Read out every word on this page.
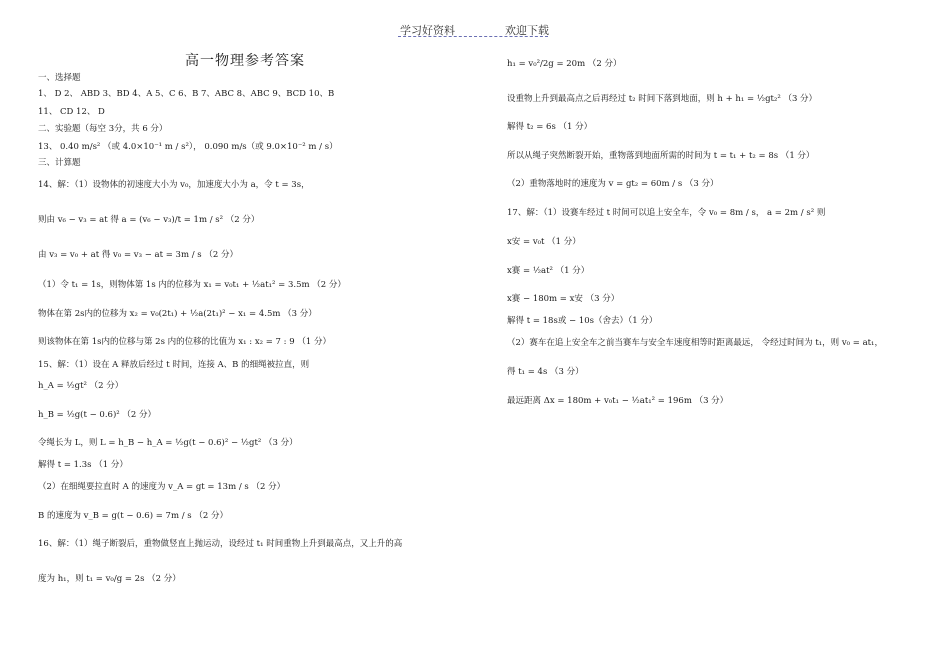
学习好资料	欢迎下载
高一物理参考答案
一、选择题
1、 D 2、 ABD 3、BD 4、A 5、C 6、B 7、ABC 8、ABC 9、BCD 10、B
11、 CD 12、 D
二、实验题（每空 3分，共 6 分）
13、 0.40 m/s² （或 4.0×10⁻¹ m / s²）， 0.090 m/s（或 9.0×10⁻² m / s）
三、计算题
14、解：（1）设物体的初速度大小为 v₀，加速度大小为 a，令 t = 3s，
则由 v₆ − v₃ = at 得 a = (v₆ − v₃)/t = 1m / s² （2 分）
由 v₃ = v₀ + at 得 v₀ = v₃ − at = 3m / s （2 分）
（1）令 t₁ = 1s，则物体第 1s 内的位移为 x₁ = v₀t₁ + ½at₁² = 3.5m （2 分）
物体在第 2s内的位移为 x₂ = v₀(2t₁) + ½a(2t₁)² − x₁ = 4.5m （3 分）
则该物体在第 1s内的位移与第 2s 内的位移的比值为 x₁ : x₂ = 7 : 9 （1 分）
15、解：（1）设在 A 释放后经过 t 时间，连接 A、B 的细绳被拉直，则
h_A = ½gt² （2 分）
h_B = ½g(t − 0.6)² （2 分）
令绳长为 L，则 L = h_B − h_A = ½g(t − 0.6)² − ½gt² （3 分）
解得 t = 1.3s （1 分）
（2）在细绳要拉直时 A 的速度为 v_A = gt = 13m / s （2 分）
B 的速度为 v_B = g(t − 0.6) = 7m / s （2 分）
16、解：（1）绳子断裂后，重物做竖直上抛运动，设经过 t₁ 时间重物上升到最高点，又上升的高
度为 h₁，则 t₁ = v₀/g = 2s （2 分）
h₁ = v₀²/2g = 20m （2 分）
设重物上升到最高点之后再经过 t₂ 时间下落到地面，则 h + h₁ = ½gt₂² （3 分）
解得 t₂ = 6s （1 分）
所以从绳子突然断裂开始，重物落到地面所需的时间为 t = t₁ + t₂ = 8s （1 分）
（2）重物落地时的速度为 v = gt₂ = 60m / s （3 分）
17、解：（1）设赛车经过 t 时间可以追上安全车，令 v₀ = 8m / s， a = 2m / s² 则
x安 = v₀t （1 分）
x赛 = ½at² （1 分）
x赛 − 180m = x安 （3 分）
解得 t = 18s或 − 10s（舍去）（1 分）
（2）赛车在追上安全车之前当赛车与安全车速度相等时距离最远， 令经过时间为 t₁，则 v₀ = at₁，
得 t₁ = 4s （3 分）
最远距离 Δx = 180m + v₀t₁ − ½at₁² = 196m （3 分）
